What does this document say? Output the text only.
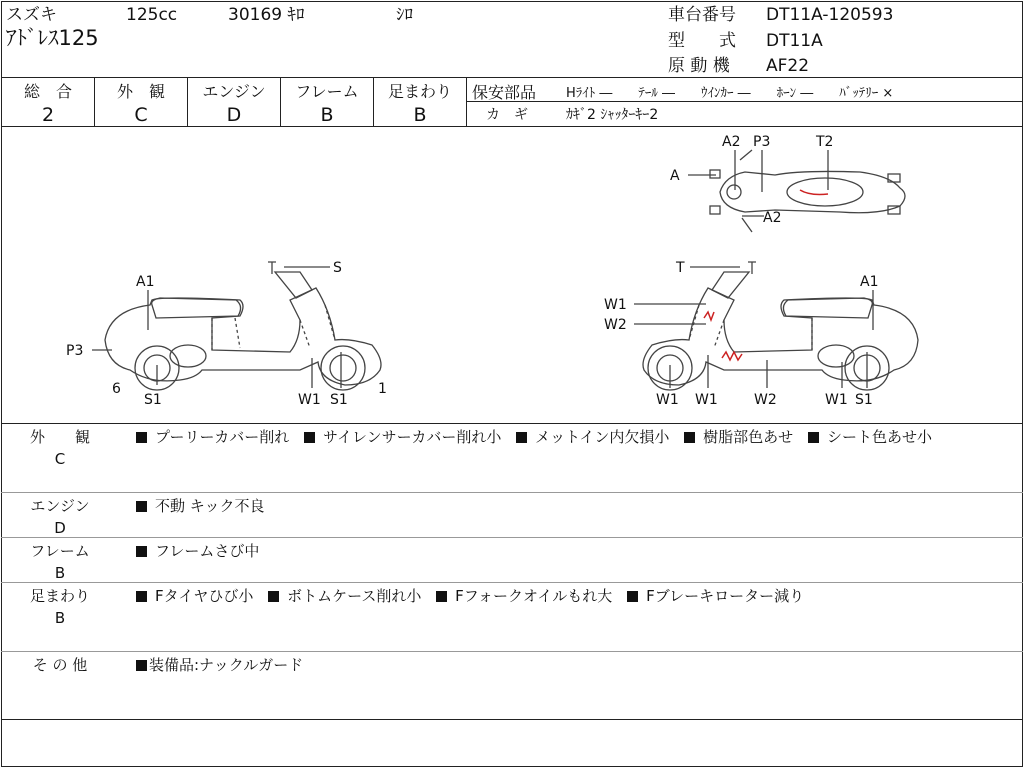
スズキ	125cc	30169 ｷﾛ	ｼﾛ
ｱﾄﾞﾚｽ125
車台番号 DT11A-120593
型　　式 DT11A
原 動 機 AF22
総　合
2
外　観
C
エンジン
D
フレーム
B
足まわり
B
保安部品 Hﾗｲﾄ ―　　ﾃｰﾙ ―　　ｳｲﾝｶｰ ―　　ﾎｰﾝ ―　　ﾊﾞｯﾃﾘｰ ×
カ　ギ	ｶｷﾞ2 ｼｬｯﾀｰｷｰ2
A1
P3
S
6
S1	W1 S1
1
A2 P3	T2
A
A2
T
A1
W1
W2
W1 W1	W2	W1 S1
外　　観
C
プーリーカバー削れ サイレンサーカバー削れ小 メットイン内欠損小 樹脂部色あせ シート色あせ小
エンジン
D
不動 キック不良
フレーム
B
フレームさび中
足まわり
B
Fタイヤひび小 ボトムケース削れ小 Fフォークオイルもれ大 Fブレーキローター減り
そ の 他	装備品:ナックルガード
